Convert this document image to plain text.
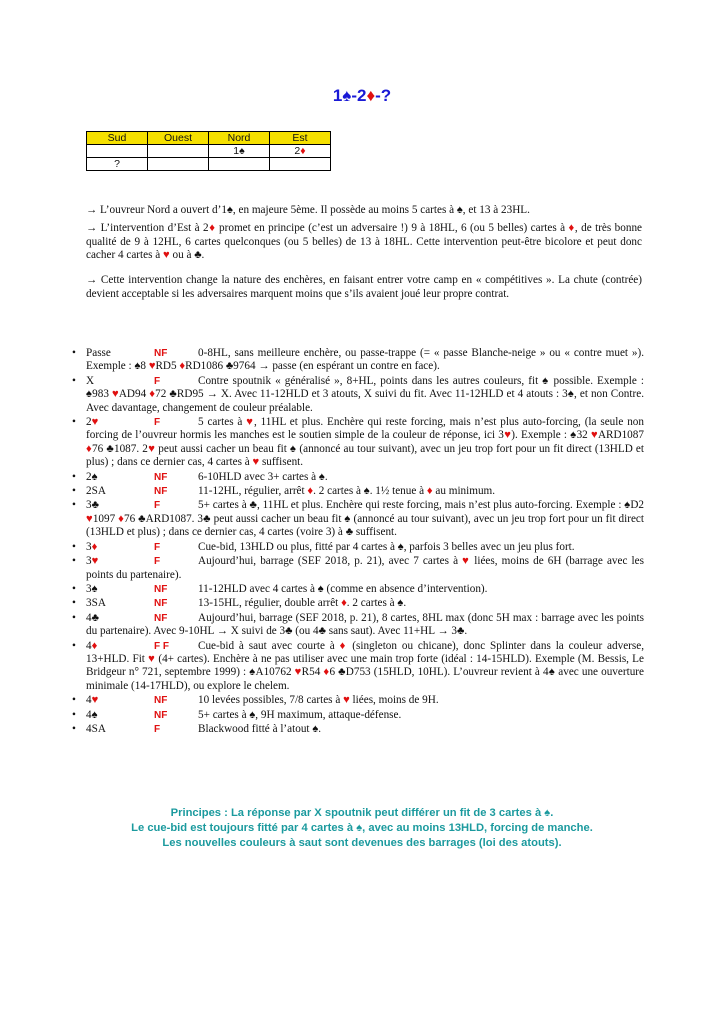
1♠-2♦-?
Sud	Ouest	Nord	Est
		1♠	2♦
?			
→ L’ouvreur Nord a ouvert d’1♠, en majeure 5ème. Il possède au moins 5 cartes à ♠, et 13 à 23HL.
→ L’intervention d’Est à 2♦ promet en principe (c’est un adversaire !) 9 à 18HL, 6 (ou 5 belles) cartes à ♦, de très bonne qualité de 9 à 12HL, 6 cartes quelconques (ou 5 belles) de 13 à 18HL. Cette intervention peut-être bicolore et peut donc cacher 4 cartes à ♥ ou à ♣.
→ Cette intervention change la nature des enchères, en faisant entrer votre camp en « compétitives ». La chute (contrée) devient acceptable si les adversaires marquent moins que s’ils avaient joué leur propre contrat.
• Passe	NF	0-8HL, sans meilleure enchère, ou passe-trappe (= « passe Blanche-neige » ou « contre muet »). Exemple : ♠8 ♥RD5 ♦RD1086 ♣9764 → passe (en espérant un contre en face).
• X	F	Contre spoutnik « généralisé », 8+HL, points dans les autres couleurs, fit ♠ possible. Exemple : ♠983 ♥AD94 ♦72 ♣RD95 → X. Avec 11-12HLD et 3 atouts, X suivi du fit. Avec 11-12HLD et 4 atouts : 3♠, et non Contre. Avec davantage, changement de couleur préalable.
• 2♥	F	5 cartes à ♥, 11HL et plus. Enchère qui reste forcing, mais n’est plus auto-forcing, (la seule non forcing de l’ouvreur hormis les manches est le soutien simple de la couleur de réponse, ici 3♥). Exemple : ♠32 ♥ARD1087 ♦76 ♣1087. 2♥ peut aussi cacher un beau fit ♠ (annoncé au tour suivant), avec un jeu trop fort pour un fit direct (13HLD et plus) ; dans ce dernier cas, 4 cartes à ♥ suffisent.
• 2♠	NF	6-10HLD avec 3+ cartes à ♠.
• 2SA	NF	11-12HL, régulier, arrêt ♦. 2 cartes à ♠. 1½ tenue à ♦ au minimum.
• 3♣	F	5+ cartes à ♣, 11HL et plus. Enchère qui reste forcing, mais n’est plus auto-forcing. Exemple : ♠D2 ♥1097 ♦76 ♣ARD1087. 3♣ peut aussi cacher un beau fit ♠ (annoncé au tour suivant), avec un jeu trop fort pour un fit direct (13HLD et plus) ; dans ce dernier cas, 4 cartes (voire 3) à ♣ suffisent.
• 3♦	F	Cue-bid, 13HLD ou plus, fitté par 4 cartes à ♠, parfois 3 belles avec un jeu plus fort.
• 3♥	F	Aujourd’hui, barrage (SEF 2018, p. 21), avec 7 cartes à ♥ liées, moins de 6H (barrage avec les points du partenaire).
• 3♠	NF	11-12HLD avec 4 cartes à ♠ (comme en absence d’intervention).
• 3SA	NF	13-15HL, régulier, double arrêt ♦. 2 cartes à ♠.
• 4♣	NF	Aujourd’hui, barrage (SEF 2018, p. 21), 8 cartes, 8HL max (donc 5H max : barrage avec les points du partenaire). Avec 9-10HL → X suivi de 3♣ (ou 4♣ sans saut). Avec 11+HL → 3♣.
• 4♦	F F	Cue-bid à saut avec courte à ♦ (singleton ou chicane), donc Splinter dans la couleur adverse, 13+HLD. Fit ♥ (4+ cartes). Enchère à ne pas utiliser avec une main trop forte (idéal : 14-15HLD). Exemple (M. Bessis, Le Bridgeur n° 721, septembre 1999) : ♠A10762 ♥R54 ♦6 ♣D753 (15HLD, 10HL). L’ouvreur revient à 4♠ avec une ouverture minimale (14-17HLD), ou explore le chelem.
• 4♥	NF	10 levées possibles, 7/8 cartes à ♥ liées, moins de 9H.
• 4♠	NF	5+ cartes à ♠, 9H maximum, attaque-défense.
• 4SA	F	Blackwood fitté à l’atout ♠.
Principes : La réponse par X spoutnik peut différer un fit de 3 cartes à ♠.
Le cue-bid est toujours fitté par 4 cartes à ♠, avec au moins 13HLD, forcing de manche.
Les nouvelles couleurs à saut sont devenues des barrages (loi des atouts).
